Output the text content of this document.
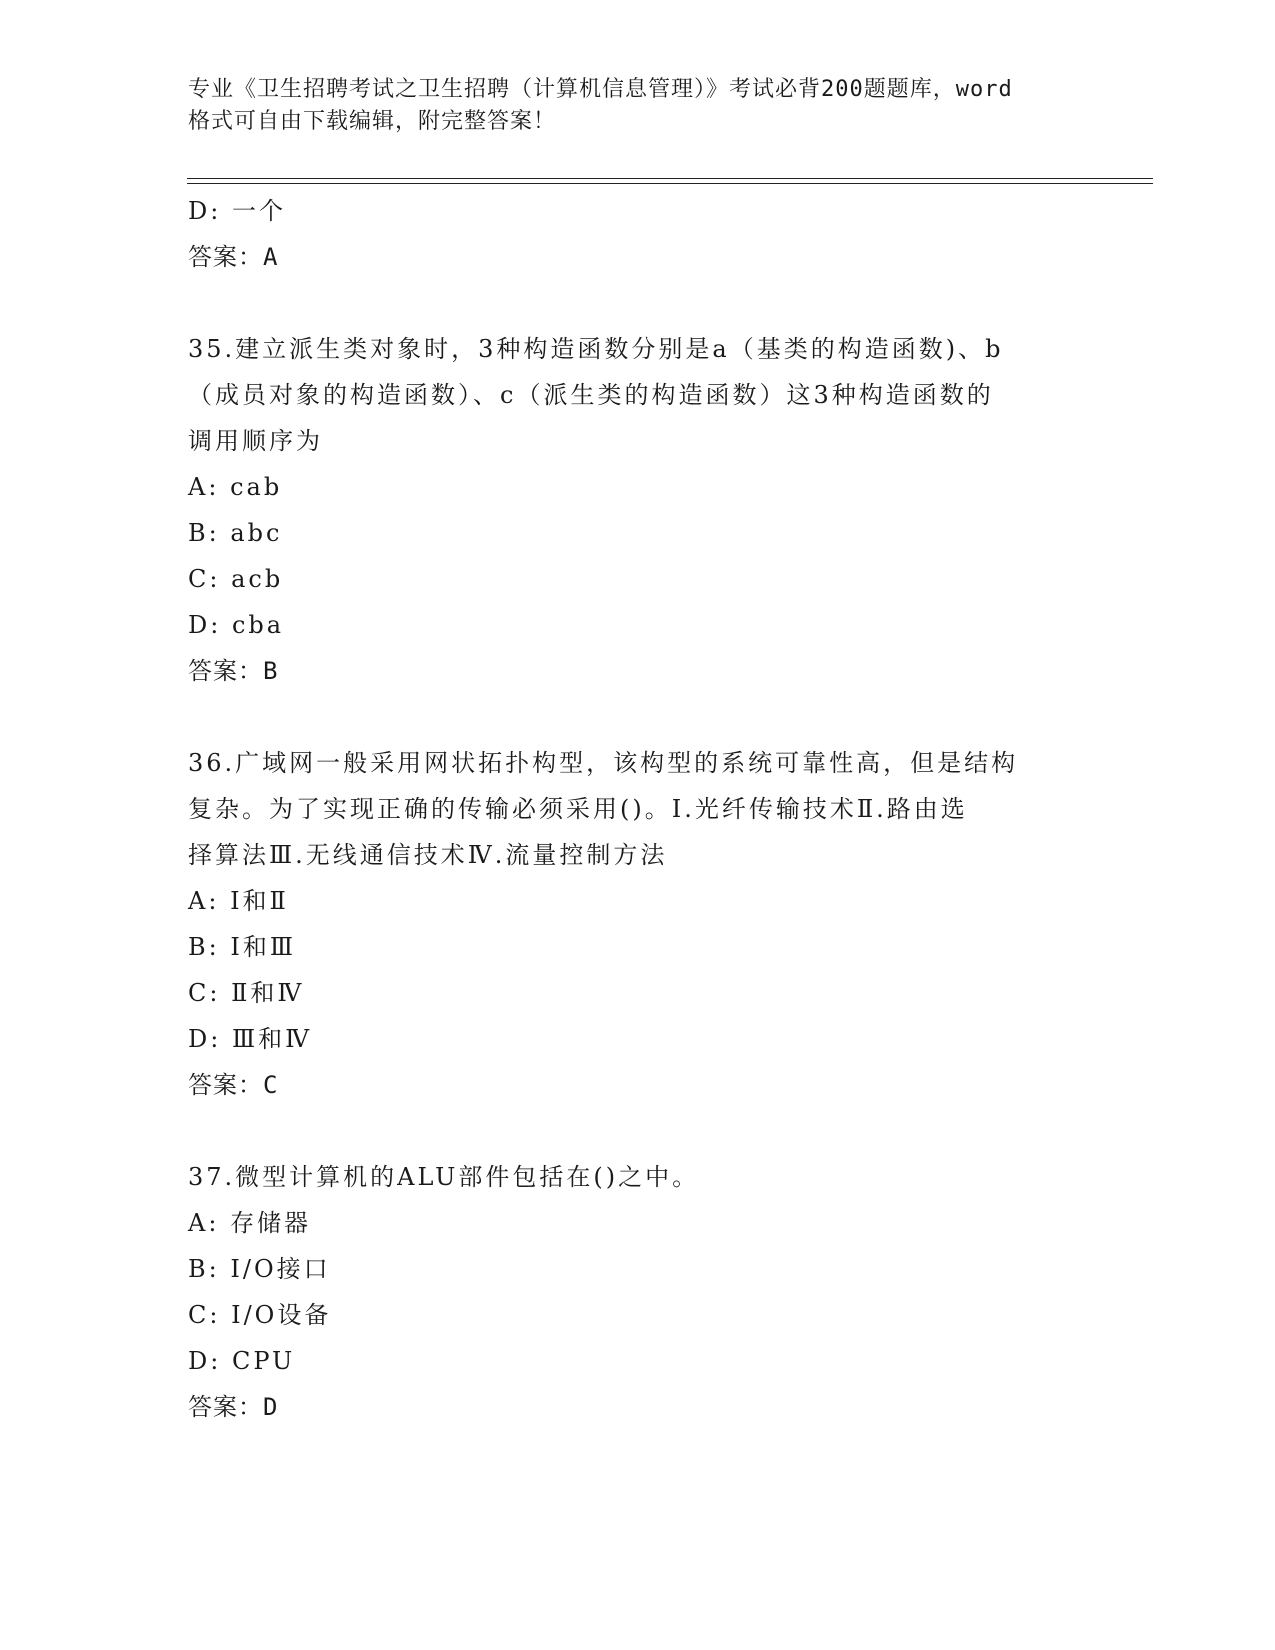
专业《卫生招聘考试之卫生招聘（计算机信息管理）》考试必背200题题库，word
格式可自由下载编辑，附完整答案！
D: 一个
答案：A
35.建立派生类对象时，3种构造函数分别是a（基类的构造函数)、b
（成员对象的构造函数）、c（派生类的构造函数）这3种构造函数的
调用顺序为
A: cab
B: abc
C: acb
D: cba
答案：B
36.广域网一般采用网状拓扑构型，该构型的系统可靠性高，但是结构
复杂。为了实现正确的传输必须采用()。Ⅰ.光纤传输技术Ⅱ.路由选
择算法Ⅲ.无线通信技术Ⅳ.流量控制方法
A: Ⅰ和Ⅱ
B: Ⅰ和Ⅲ
C: Ⅱ和Ⅳ
D: Ⅲ和Ⅳ
答案：C
37.微型计算机的ALU部件包括在()之中。
A: 存储器
B: I/O接口
C: I/O设备
D: CPU
答案：D
